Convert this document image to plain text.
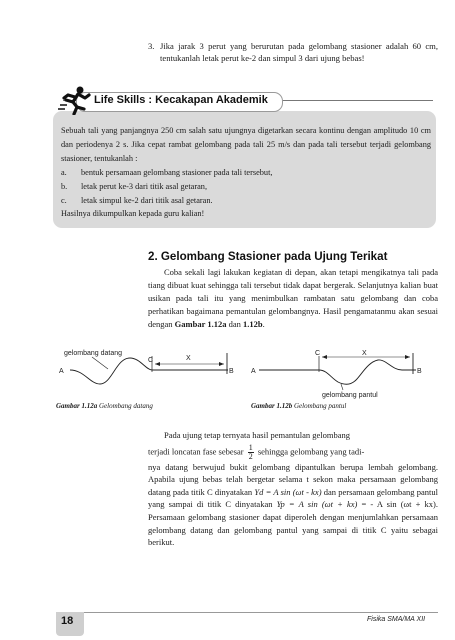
3. Jika jarak 3 perut yang berurutan pada gelombang stasioner adalah 60 cm, tentukanlah letak perut ke-2 dan simpul 3 dari ujung bebas!
Life Skills : Kecakapan Akademik

Sebuah tali yang panjangnya 250 cm salah satu ujungnya digetarkan secara kontinu dengan amplitudo 10 cm dan periodenya 2 s. Jika cepat rambat gelombang pada tali 25 m/s dan pada tali tersebut terjadi gelombang stasioner, tentukanlah :

a. bentuk persamaan gelombang stasioner pada tali tersebut,

b. letak perut ke-3 dari titik asal getaran,

c. letak simpul ke-2 dari titik asal getaran.

Hasilnya dikumpulkan kepada guru kalian!

2. Gelombang Stasioner pada Ujung Terikat

Coba sekali lagi lakukan kegiatan di depan, akan tetapi mengikatnya tali pada tiang dibuat kuat sehingga tali tersebut tidak dapat bergerak. Selanjutnya kalian buat usikan pada tali itu yang menimbulkan rambatan satu gelombang dan coba perhatikan bagaimana pemantulan gelombangnya. Hasil pengamatanmu akan sesuai dengan Gambar 1.12a dan 1.12b.

gelombang datang
A
C	X
B A
C	X
B
gelombang pantul
Gambar 1.12a Gelombang datang	Gambar 1.12b Gelombang pantul

Pada ujung tetap ternyata hasil pemantulan gelombang

terjadi loncatan fase sebesar $\frac{1}{2}$ sehingga gelombang yang tadi-

nya datang berwujud bukit gelombang dipantulkan berupa lembah gelombang. Apabila ujung bebas telah bergetar selama t sekon maka persamaan gelombang datang pada titik C dinyatakan Yd = A sin (ωt - kx) dan persamaan gelombang pantul yang sampai di titik C dinyatakan Yp = A sin (ωt + kx) = - A sin (ωt + kx). Persamaan gelombang stasioner dapat diperoleh dengan menjumlahkan persamaan gelombang datang dan gelombang pantul yang sampai di titik C yaitu sebagai berikut.

18	Fisika SMA/MA XII
